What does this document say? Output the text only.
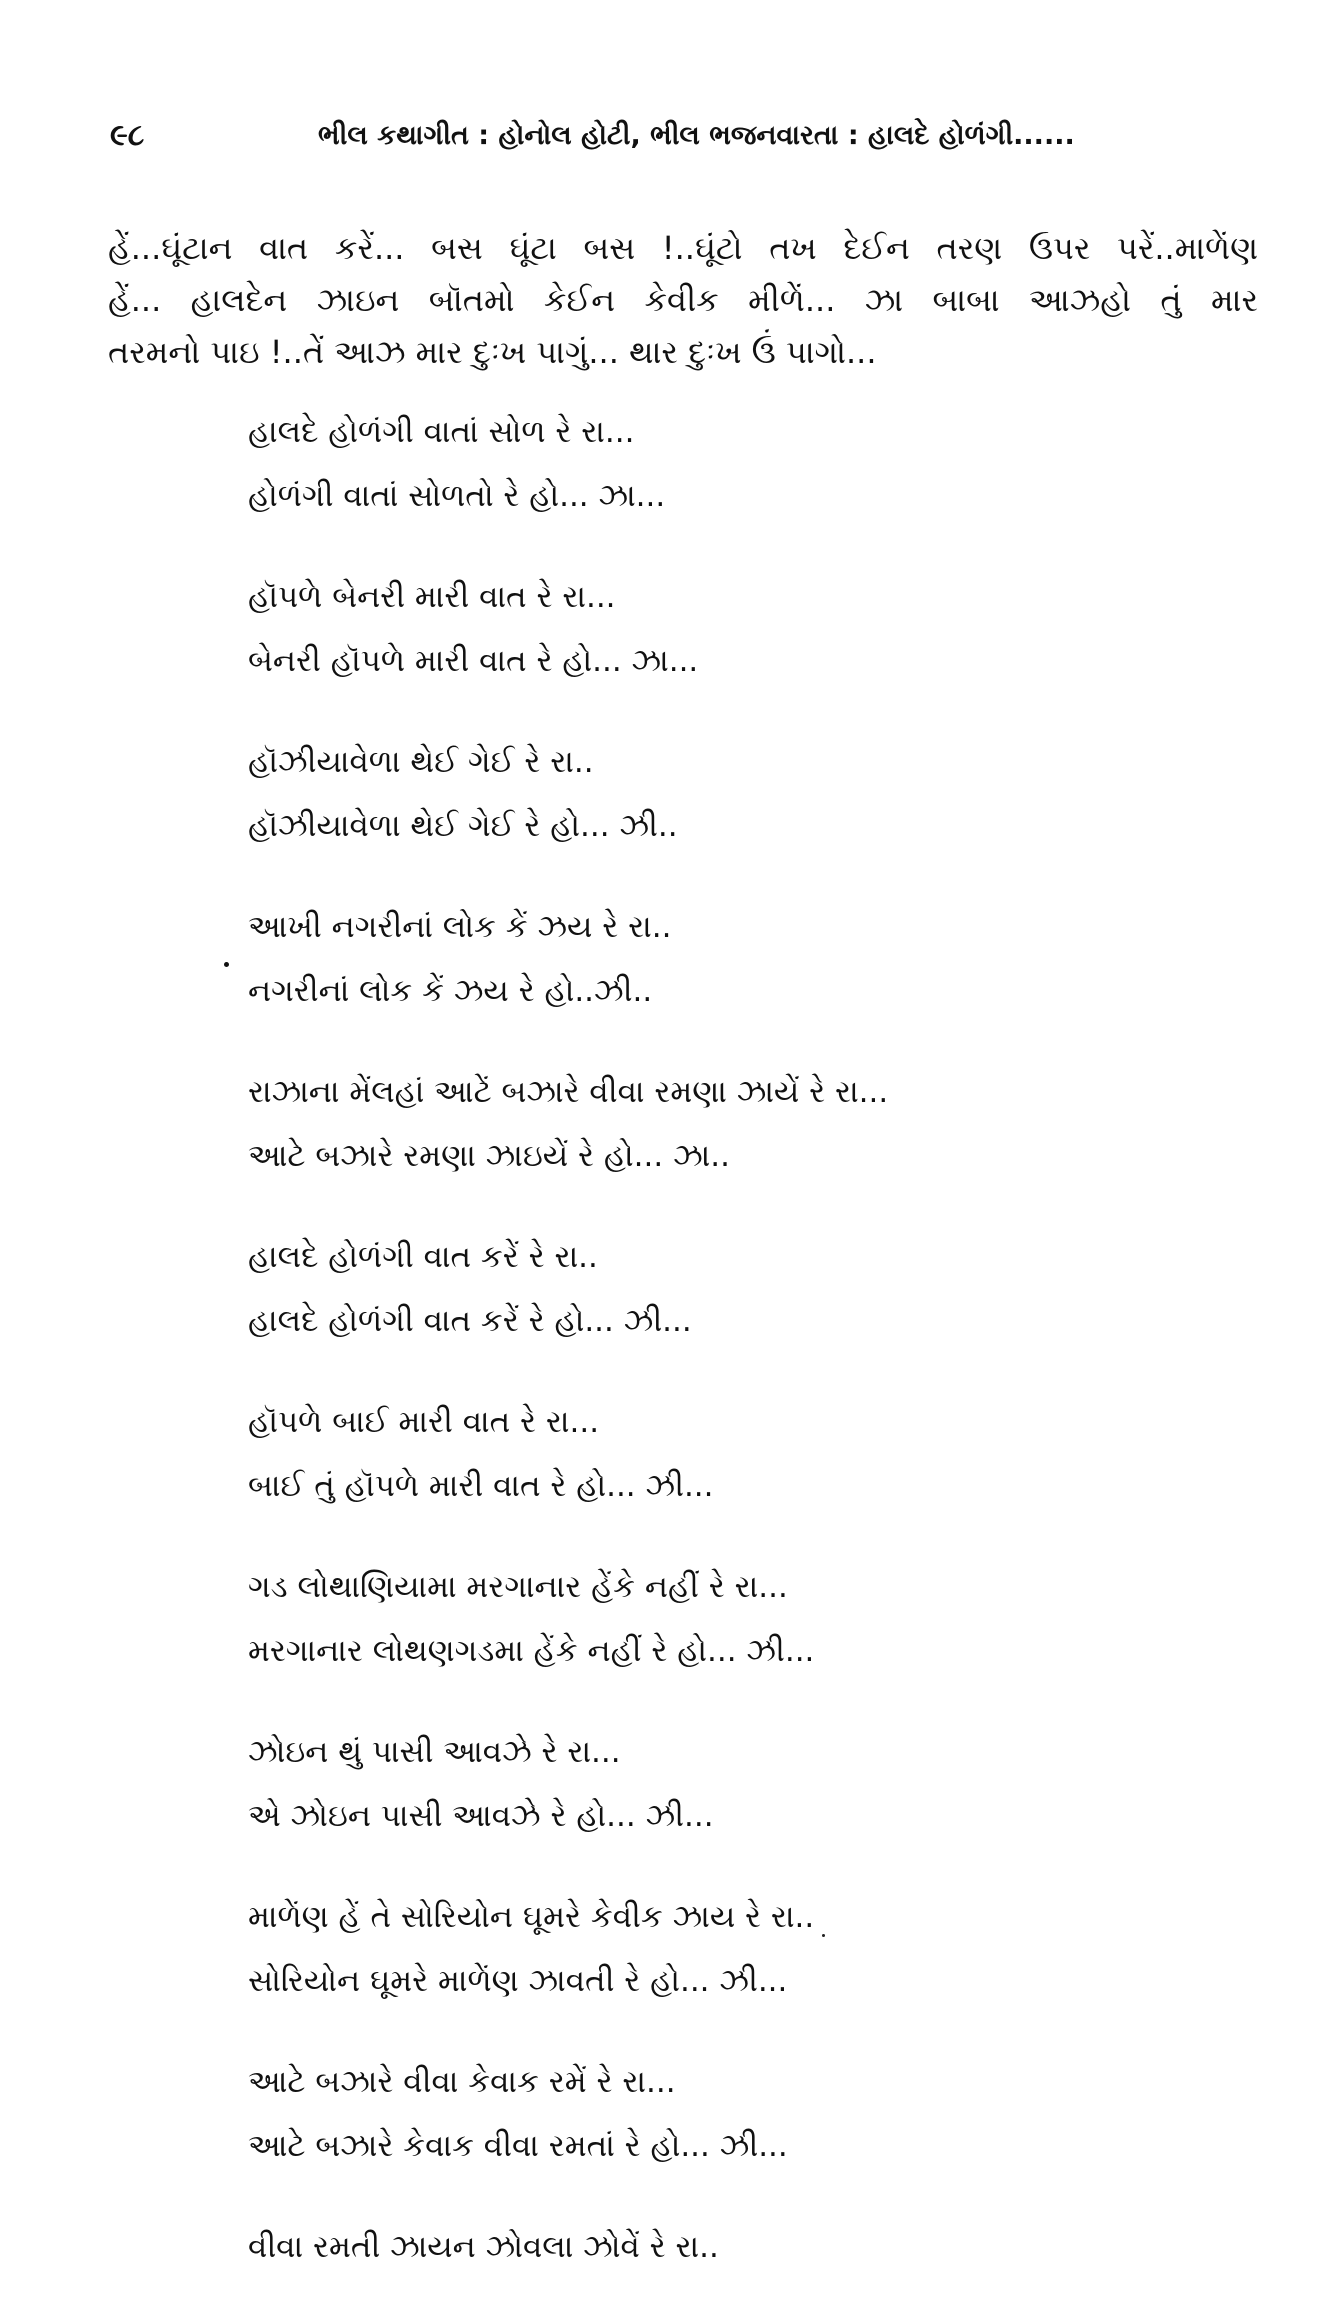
૯૮	ભીલ કથાગીત : હોનોલ હોટી, ભીલ ભજનવારતા : હાલદે હોળંગી......
હેં...ઘૂંટાન વાત કરેં... બસ ઘૂંટા બસ !..ઘૂંટો તખ દેઈન તરણ ઉપર પરેં..માળેંણ
હેં... હાલદેન ઝાઇન બૉતમો કેઈન કેવીક મીળેં... ઝા બાબા આઝહો તું માર
તરમનો પાઇ !..તેં આઝ માર દુઃખ પાગું... થાર દુઃખ ઉં પાગો...
હાલદે હોળંગી વાતાં સોળ રે રા...
હોળંગી વાતાં સોળતો રે હો... ઝા...
હૉપળે બેનરી મારી વાત રે રા...
બેનરી હૉપળે મારી વાત રે હો... ઝા...
હૉઝીયાવેળા થેઈ ગેઈ રે રા..
હૉઝીયાવેળા થેઈ ગેઈ રે હો... ઝી..
આખી નગરીનાં લોક કેં ઝય રે રા..
નગરીનાં લોક કેં ઝય રે હો..ઝી..
રાઝાના મેંલહાં આટેં બઝારે વીવા રમણા ઝાયેં રે રા...
આટે બઝારે રમણા ઝાઇયેં રે હો... ઝા..
હાલદે હોળંગી વાત કરેં રે રા..
હાલદે હોળંગી વાત કરેં રે હો... ઝી...
હૉપળે બાઈ મારી વાત રે રા...
બાઈ તું હૉપળે મારી વાત રે હો... ઝી...
ગડ લોથાણિયામા મરગાનાર હેંકે નહીં રે રા...
મરગાનાર લોથણગડમા હેંકે નહીં રે હો... ઝી...
ઝોઇન થું પાસી આવઝે રે રા...
એ ઝોઇન પાસી આવઝે રે હો... ઝી...
માળેંણ હેં તે સોરિયોન ઘૂમરે કેવીક ઝાય રે રા..
સોરિયોન ઘૂમરે માળેંણ ઝાવતી રે હો... ઝી...
આટે બઝારે વીવા કેવાક રમેં રે રા...
આટે બઝારે કેવાક વીવા રમતાં રે હો... ઝી...
વીવા રમતી ઝાયન ઝોવલા ઝોવેં રે રા..
